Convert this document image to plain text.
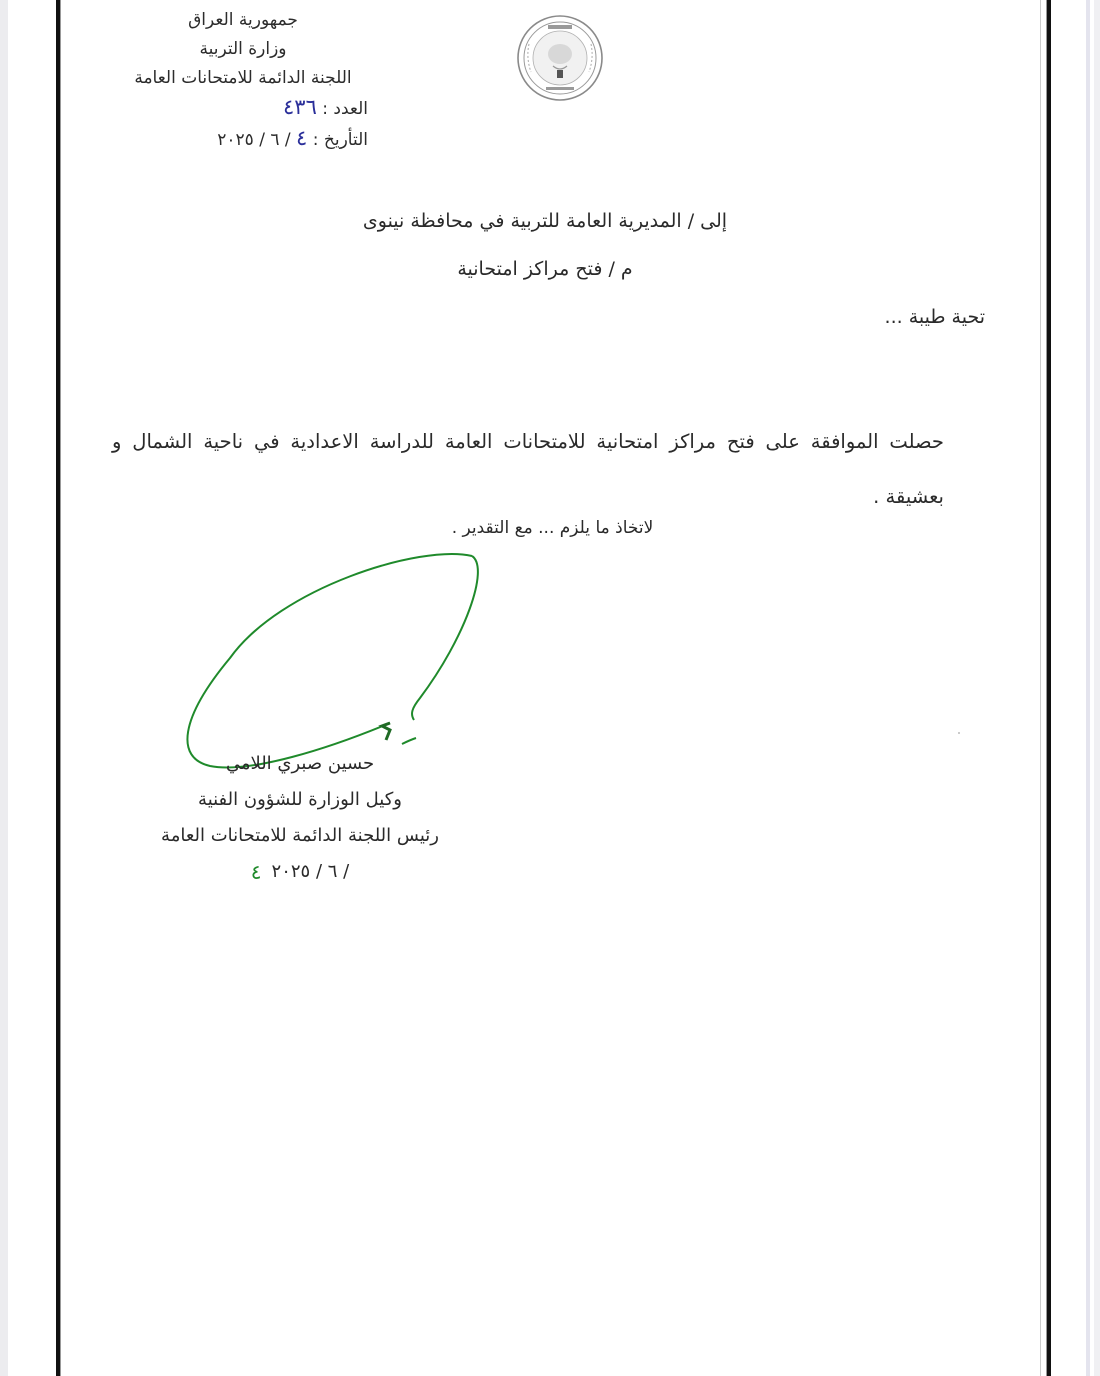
جمهورية العراق
وزارة التربية
اللجنة الدائمة للامتحانات العامة
العدد : ٤٣٦
التأريخ : ٤ / ٦ / ٢٠٢٥
إلى / المديرية العامة للتربية في محافظة نينوى
م / فتح مراكز امتحانية
تحية طيبة ...
حصلت الموافقة على فتح مراكز امتحانية للامتحانات العامة للدراسة الاعدادية في ناحية الشمال و بعشيقة .
لاتخاذ ما يلزم ... مع التقدير .
حسين صبري اللامي
وكيل الوزارة للشؤون الفنية
رئيس اللجنة الدائمة للامتحانات العامة
٤ / ٦ / ٢٠٢٥
